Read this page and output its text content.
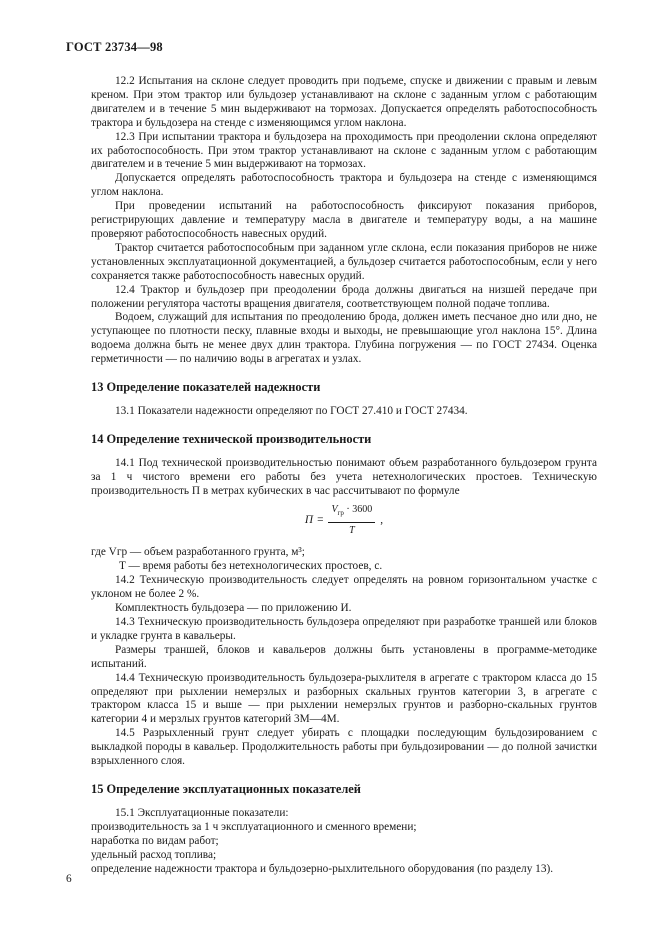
ГОСТ 23734—98

12.2 Испытания на склоне следует проводить при подъеме, спуске и движении с правым и левым креном. При этом трактор или бульдозер устанавливают на склоне с заданным углом с работающим двигателем и в течение 5 мин выдерживают на тормозах. Допускается определять работоспособность трактора и бульдозера на стенде с изменяющимся углом наклона.

12.3 При испытании трактора и бульдозера на проходимость при преодолении склона определяют их работоспособность. При этом трактор устанавливают на склоне с заданным углом с работающим двигателем и в течение 5 мин выдерживают на тормозах.

Допускается определять работоспособность трактора и бульдозера на стенде с изменяющимся углом наклона.

При проведении испытаний на работоспособность фиксируют показания приборов, регистрирующих давление и температуру масла в двигателе и температуру воды, а на машине проверяют работоспособность навесных орудий.

Трактор считается работоспособным при заданном угле склона, если показания приборов не ниже установленных эксплуатационной документацией, а бульдозер считается работоспособным, если у него сохраняется также работоспособность навесных орудий.

12.4 Трактор и бульдозер при преодолении брода должны двигаться на низшей передаче при положении регулятора частоты вращения двигателя, соответствующем полной подаче топлива.

Водоем, служащий для испытания по преодолению брода, должен иметь песчаное дно или дно, не уступающее по плотности песку, плавные входы и выходы, не превышающие угол наклона 15°. Длина водоема должна быть не менее двух длин трактора. Глубина погружения — по ГОСТ 27434. Оценка герметичности — по наличию воды в агрегатах и узлах.

13 Определение показателей надежности

13.1 Показатели надежности определяют по ГОСТ 27.410 и ГОСТ 27434.

14 Определение технической производительности

14.1 Под технической производительностью понимают объем разработанного бульдозером грунта за 1 ч чистого времени его работы без учета нетехнологических простоев. Техническую производительность П в метрах кубических в час рассчитывают по формуле

$П = \frac{V_{гр} \cdot 3600}{T}$ ,

где Vгр — объем разработанного грунта, м³;

T — время работы без нетехнологических простоев, с.

14.2 Техническую производительность следует определять на ровном горизонтальном участке с уклоном не более 2 %.

Комплектность бульдозера — по приложению И.

14.3 Техническую производительность бульдозера определяют при разработке траншей или блоков и укладке грунта в кавальеры.

Размеры траншей, блоков и кавальеров должны быть установлены в программе-методике испытаний.

14.4 Техническую производительность бульдозера-рыхлителя в агрегате с трактором класса до 15 определяют при рыхлении немерзлых и разборных скальных грунтов категории 3, в агрегате с трактором класса 15 и выше — при рыхлении немерзлых грунтов и разборно-скальных грунтов категории 4 и мерзлых грунтов категорий 3М—4М.

14.5 Разрыхленный грунт следует убирать с площадки последующим бульдозированием с выкладкой породы в кавальер. Продолжительность работы при бульдозировании — до полной зачистки взрыхленного слоя.

15 Определение эксплуатационных показателей

15.1 Эксплуатационные показатели:

производительность за 1 ч эксплуатационного и сменного времени;

наработка по видам работ;

удельный расход топлива;

определение надежности трактора и бульдозерно-рыхлительного оборудования (по разделу 13).

6
